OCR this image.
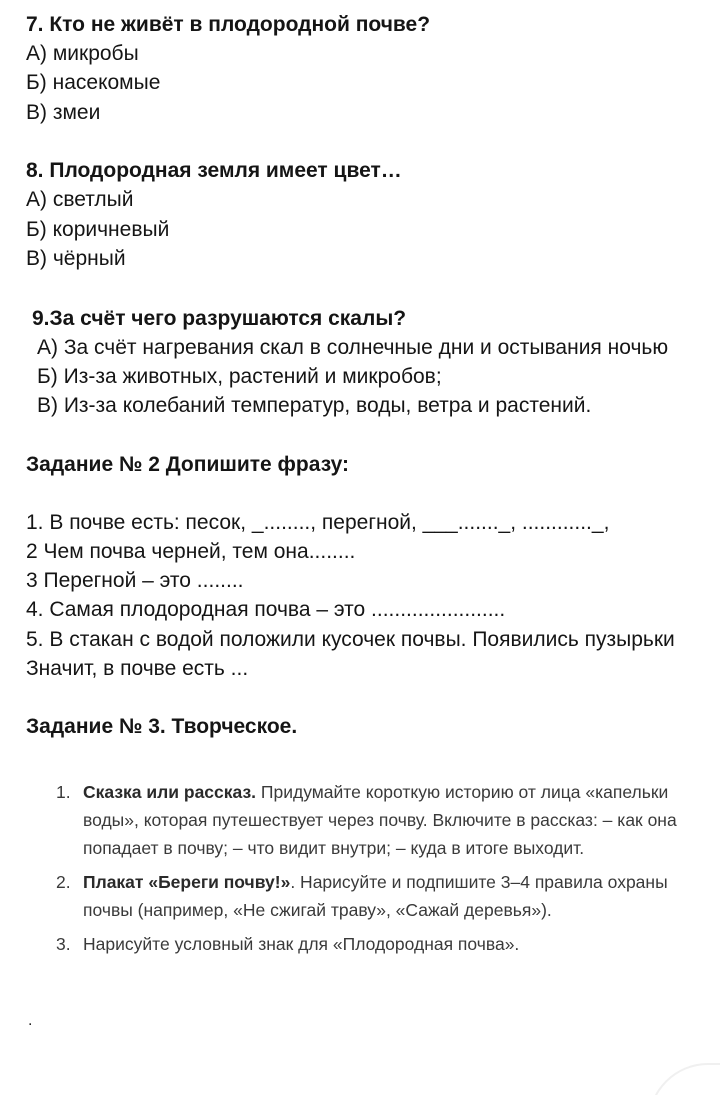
7. Кто не живёт в плодородной почве?
А) микробы
Б) насекомые
В) змеи
8. Плодородная земля имеет цвет…
А) светлый
Б) коричневый
В) чёрный
9.За счёт чего разрушаются скалы?
А) За счёт нагревания скал в солнечные дни и остывания ночью
Б) Из-за животных, растений и микробов;
В) Из-за колебаний температур, воды, ветра и растений.
Задание № 2 Допишите фразу:
1. В почве есть: песок, _........, перегной, ___......._, ............_,
2 Чем почва черней, тем она........
3 Перегной – это ........
4. Самая плодородная почва – это .......................
5. В стакан с водой положили кусочек почвы. Появились пузырьки
Значит, в почве есть ...
Задание № 3. Творческое.
1. Сказка или рассказ. Придумайте короткую историю от лица «капельки
воды», которая путешествует через почву. Включите в рассказ: – как она
попадает в почву; – что видит внутри; – куда в итоге выходит.
2. Плакат «Береги почву!». Нарисуйте и подпишите 3–4 правила охраны
почвы (например, «Не сжигай траву», «Сажай деревья»).
3. Нарисуйте условный знак для «Плодородная почва».
.
